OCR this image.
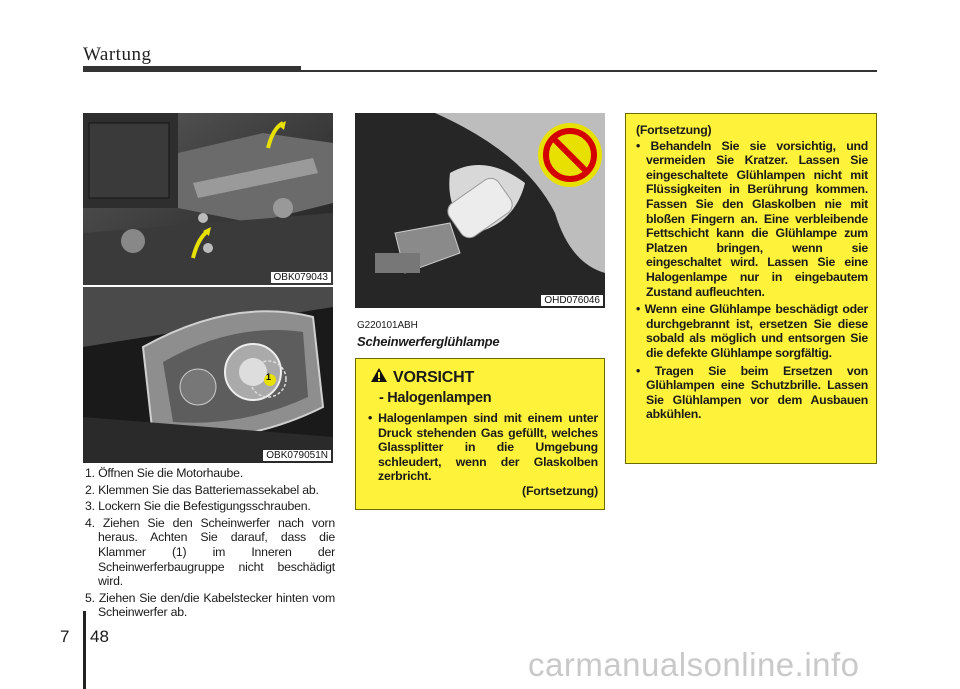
Wartung
OBK079043
1
OBK079051N
OHD076046

1. Öffnen Sie die Motorhaube.

2. Klemmen Sie das Batteriemassekabel ab.

3. Lockern Sie die Befestigungsschrauben.

4. Ziehen Sie den Scheinwerfer nach vorn heraus. Achten Sie darauf, dass die Klammer (1) im Inneren der Scheinwerferbaugruppe nicht beschädigt wird.

5. Ziehen Sie den/die Kabelstecker hinten vom Scheinwerfer ab.

G220101ABH
Scheinwerferglühlampe
VORSICHT
- Halogenlampen

• Halogenlampen sind mit einem unter Druck stehenden Gas gefüllt, welches Glassplitter in die Umgebung schleudert, wenn der Glaskolben zerbricht.

(Fortsetzung)

(Fortsetzung)

• Behandeln Sie sie vorsichtig, und vermeiden Sie Kratzer. Lassen Sie eingeschaltete Glühlampen nicht mit Flüssigkeiten in Berührung kommen. Fassen Sie den Glaskolben nie mit bloßen Fingern an. Eine verbleibende Fettschicht kann die Glühlampe zum Platzen bringen, wenn sie eingeschaltet wird. Lassen Sie eine Halogenlampe nur in eingebautem Zustand aufleuchten.

• Wenn eine Glühlampe beschädigt oder durchgebrannt ist, ersetzen Sie diese sobald als möglich und entsorgen Sie die defekte Glühlampe sorgfältig.

• Tragen Sie beim Ersetzen von Glühlampen eine Schutzbrille. Lassen Sie Glühlampen vor dem Ausbauen abkühlen.

7 48
carmanualsonline.info
